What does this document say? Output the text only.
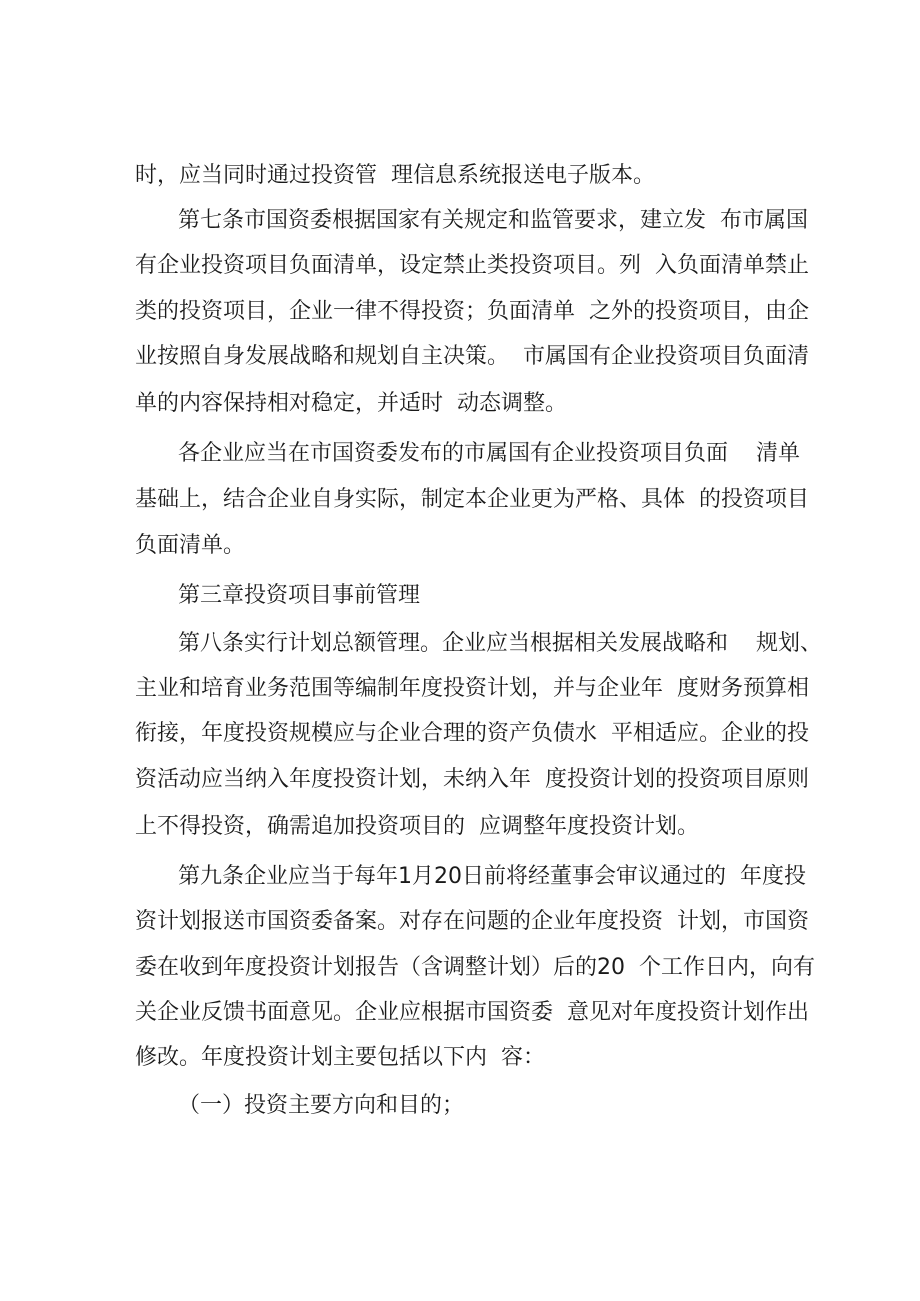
时，应当同时通过投资管  理信息系统报送电子版本。

第七条市国资委根据国家有关规定和监管要求，建立发  布市属国

有企业投资项目负面清单，设定禁止类投资项目。列  入负面清单禁止

类的投资项目，企业一律不得投资；负面清单  之外的投资项目，由企

业按照自身发展战略和规划自主决策。  市属国有企业投资项目负面清

单的内容保持相对稳定，并适时  动态调整。

各企业应当在市国资委发布的市属国有企业投资项目负面    清单

基础上，结合企业自身实际，制定本企业更为严格、具体  的投资项目

负面清单。

第三章投资项目事前管理

第八条实行计划总额管理。企业应当根据相关发展战略和    规划、

主业和培育业务范围等编制年度投资计划，并与企业年  度财务预算相

衔接，年度投资规模应与企业合理的资产负债水  平相适应。企业的投

资活动应当纳入年度投资计划，未纳入年  度投资计划的投资项目原则

上不得投资，确需追加投资项目的  应调整年度投资计划。

第九条企业应当于每年1月20日前将经董事会审议通过的  年度投

资计划报送市国资委备案。对存在问题的企业年度投资  计划，市国资

委在收到年度投资计划报告（含调整计划）后的20  个工作日内，向有

关企业反馈书面意见。企业应根据市国资委  意见对年度投资计划作出

修改。年度投资计划主要包括以下内  容：

（一）投资主要方向和目的；
